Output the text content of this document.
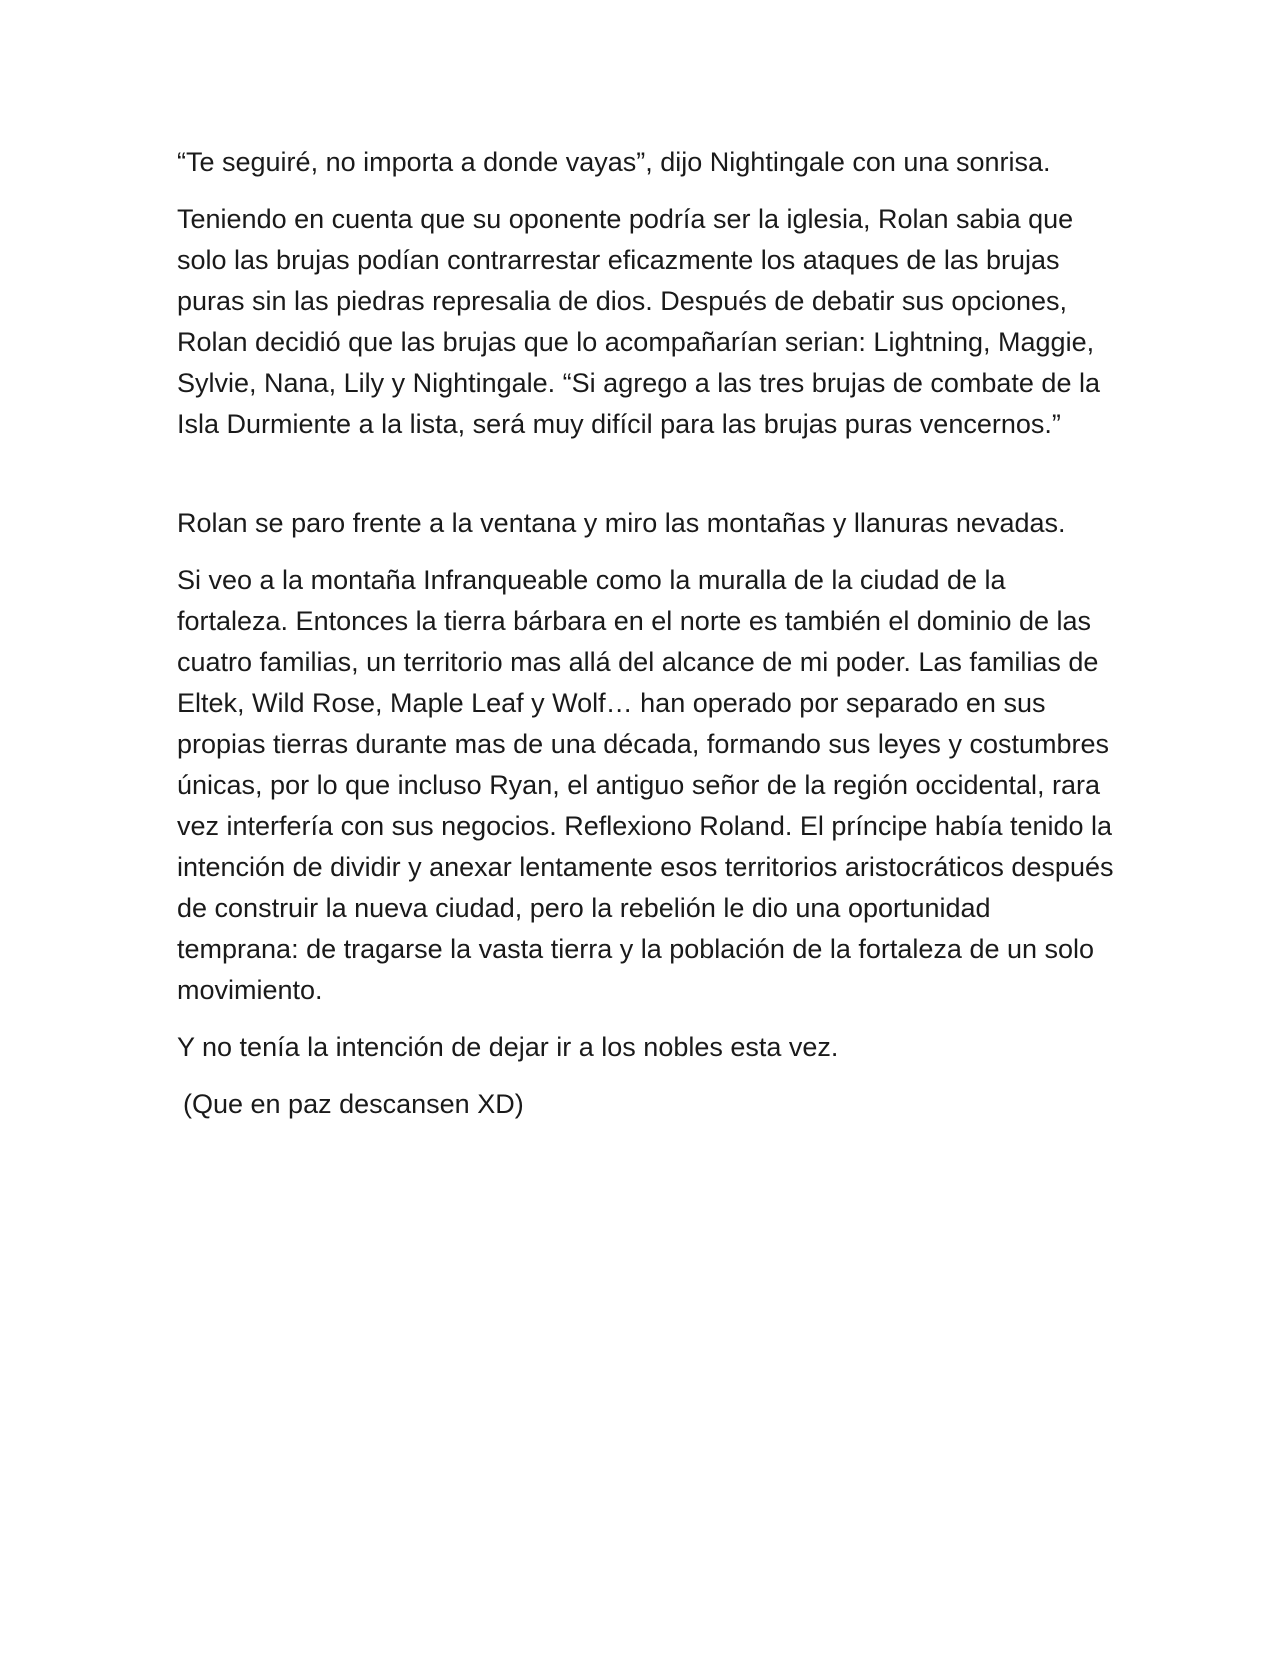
“Te seguiré, no importa a donde vayas”, dijo Nightingale con una sonrisa.

Teniendo en cuenta que su oponente podría ser la iglesia, Rolan sabia que solo las brujas podían contrarrestar eficazmente los ataques de las brujas puras sin las piedras represalia de dios. Después de debatir sus opciones, Rolan decidió que las brujas que lo acompañarían serian: Lightning, Maggie, Sylvie, Nana, Lily y Nightingale. “Si agrego a las tres brujas de combate de la Isla Durmiente a la lista, será muy difícil para las brujas puras vencernos.”

Rolan se paro frente a la ventana y miro las montañas y llanuras nevadas.

Si veo a la montaña Infranqueable como la muralla de la ciudad de la fortaleza. Entonces la tierra bárbara en el norte es también el dominio de las cuatro familias, un territorio mas allá del alcance de mi poder. Las familias de Eltek, Wild Rose, Maple Leaf y Wolf… han operado por separado en sus propias tierras durante mas de una década, formando sus leyes y costumbres únicas, por lo que incluso Ryan, el antiguo señor de la región occidental, rara vez interfería con sus negocios. Reflexiono Roland. El príncipe había tenido la intención de dividir y anexar lentamente esos territorios aristocráticos después de construir la nueva ciudad, pero la rebelión le dio una oportunidad temprana: de tragarse la vasta tierra y la población de la fortaleza de un solo movimiento.

Y no tenía la intención de dejar ir a los nobles esta vez.

(Que en paz descansen XD)
